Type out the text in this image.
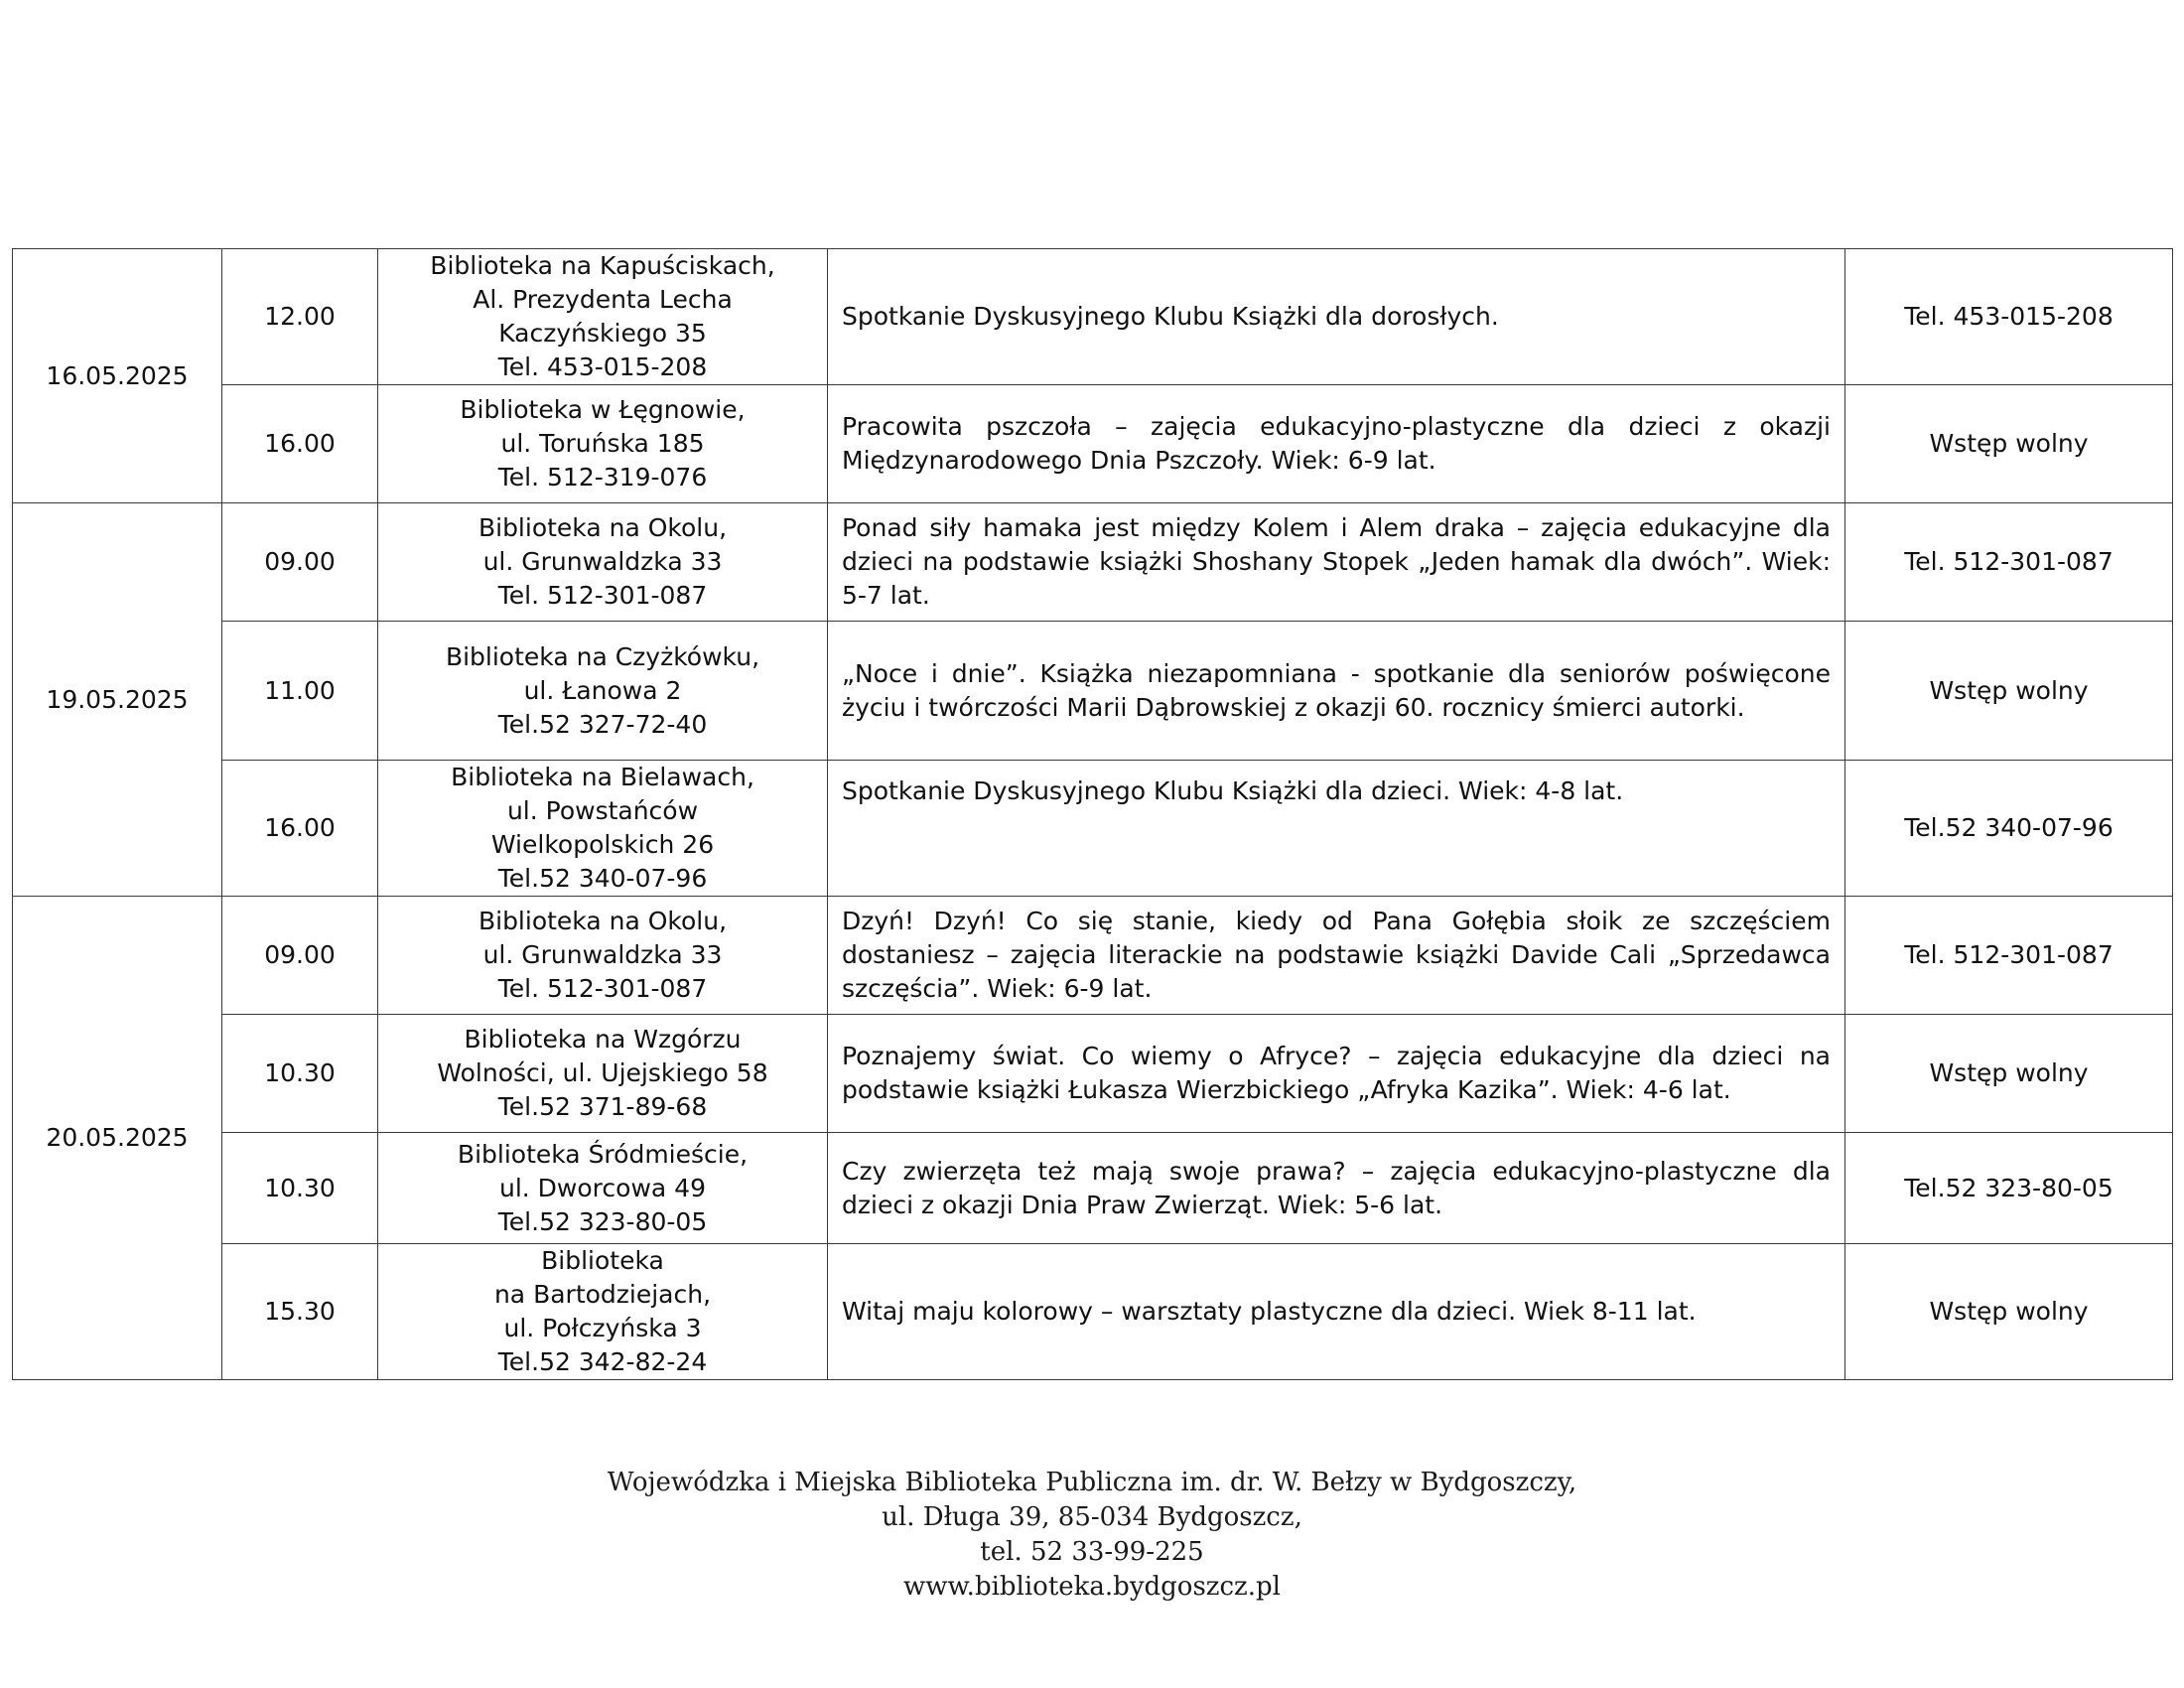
16.05.2025	12.00	Biblioteka na Kapuściskach,
Al. Prezydenta Lecha
Kaczyńskiego 35
Tel. 453-015-208	Spotkanie Dyskusyjnego Klubu Książki dla dorosłych.	Tel. 453-015-208
	16.00	Biblioteka w Łęgnowie,
ul. Toruńska 185
Tel. 512-319-076	Pracowita pszczoła – zajęcia edukacyjno-plastyczne dla dzieci z okazji Międzynarodowego Dnia Pszczoły. Wiek: 6-9 lat.	Wstęp wolny
19.05.2025	09.00	Biblioteka na Okolu,
ul. Grunwaldzka 33
Tel. 512-301-087	Ponad siły hamaka jest między Kolem i Alem draka – zajęcia edukacyjne dla dzieci na podstawie książki Shoshany Stopek „Jeden hamak dla dwóch”. Wiek: 5-7 lat.	Tel. 512-301-087
	11.00	Biblioteka na Czyżkówku,
ul. Łanowa 2
Tel.52 327-72-40	„Noce i dnie”. Książka niezapomniana - spotkanie dla seniorów poświęcone życiu i twórczości Marii Dąbrowskiej z okazji 60. rocznicy śmierci autorki.	Wstęp wolny
	16.00	Biblioteka na Bielawach,
ul. Powstańców
Wielkopolskich 26
Tel.52 340-07-96	Spotkanie Dyskusyjnego Klubu Książki dla dzieci. Wiek: 4-8 lat.	Tel.52 340-07-96
20.05.2025	09.00	Biblioteka na Okolu,
ul. Grunwaldzka 33
Tel. 512-301-087	Dzyń! Dzyń! Co się stanie, kiedy od Pana Gołębia słoik ze szczęściem dostaniesz – zajęcia literackie na podstawie książki Davide Cali „Sprzedawca szczęścia”. Wiek: 6-9 lat.	Tel. 512-301-087
	10.30	Biblioteka na Wzgórzu
Wolności, ul. Ujejskiego 58
Tel.52 371-89-68	Poznajemy świat. Co wiemy o Afryce? – zajęcia edukacyjne dla dzieci na podstawie książki Łukasza Wierzbickiego „Afryka Kazika”. Wiek: 4-6 lat.	Wstęp wolny
	10.30	Biblioteka Śródmieście,
ul. Dworcowa 49
Tel.52 323-80-05	Czy zwierzęta też mają swoje prawa? – zajęcia edukacyjno-plastyczne dla dzieci z okazji Dnia Praw Zwierząt. Wiek: 5-6 lat.	Tel.52 323-80-05
	15.30	Biblioteka
na Bartodziejach,
ul. Połczyńska 3
Tel.52 342-82-24	Witaj maju kolorowy – warsztaty plastyczne dla dzieci. Wiek 8-11 lat.	Wstęp wolny
Wojewódzka i Miejska Biblioteka Publiczna im. dr. W. Bełzy w Bydgoszczy,
ul. Długa 39, 85-034 Bydgoszcz,
tel. 52 33-99-225
www.biblioteka.bydgoszcz.pl
